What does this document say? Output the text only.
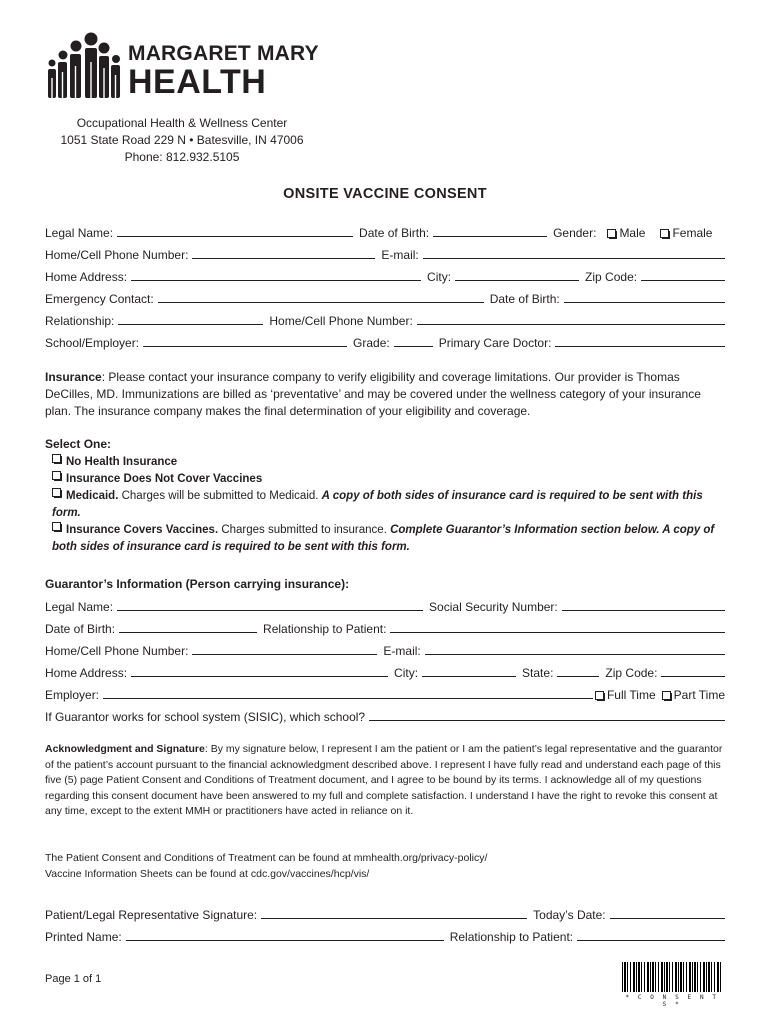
MARGARET MARY
HEALTH
Occupational Health & Wellness Center
1051 State Road 229 N • Batesville, IN 47006
Phone: 812.932.5105
ONSITE VACCINE CONSENT
Legal Name:	Date of Birth:	Gender: Male Female
Home/Cell Phone Number:	E-mail:
Home Address:	City:	Zip Code:
Emergency Contact:	Date of Birth:
Relationship:	Home/Cell Phone Number:
School/Employer:	Grade:	Primary Care Doctor:
Insurance: Please contact your insurance company to verify eligibility and coverage limitations. Our provider is Thomas DeCilles, MD. Immunizations are billed as ‘preventative’ and may be covered under the wellness category of your insurance plan. The insurance company makes the final determination of your eligibility and coverage.
Select One:
No Health Insurance
Insurance Does Not Cover Vaccines
Medicaid. Charges will be submitted to Medicaid. A copy of both sides of insurance card is required to be sent with this form.
Insurance Covers Vaccines. Charges submitted to insurance. Complete Guarantor’s Information section below. A copy of both sides of insurance card is required to be sent with this form.
Guarantor’s Information (Person carrying insurance):
Legal Name:	Social Security Number:
Date of Birth:	Relationship to Patient:
Home/Cell Phone Number:	E-mail:
Home Address:	City:	State:	Zip Code:
Employer:	Full Time Part Time
If Guarantor works for school system (SISIC), which school?
Acknowledgment and Signature: By my signature below, I represent I am the patient or I am the patient’s legal representative and the guarantor of the patient’s account pursuant to the financial acknowledgment described above. I represent I have fully read and understand each page of this five (5) page Patient Consent and Conditions of Treatment document, and I agree to be bound by its terms. I acknowledge all of my questions regarding this consent document have been answered to my full and complete satisfaction. I understand I have the right to revoke this consent at any time, except to the extent MMH or practitioners have acted in reliance on it.
The Patient Consent and Conditions of Treatment can be found at mmhealth.org/privacy-policy/
Vaccine Information Sheets can be found at cdc.gov/vaccines/hcp/vis/
Patient/Legal Representative Signature:	Today’s Date:
Printed Name:	Relationship to Patient:
Page 1 of 1
* C O N S E N T S *
